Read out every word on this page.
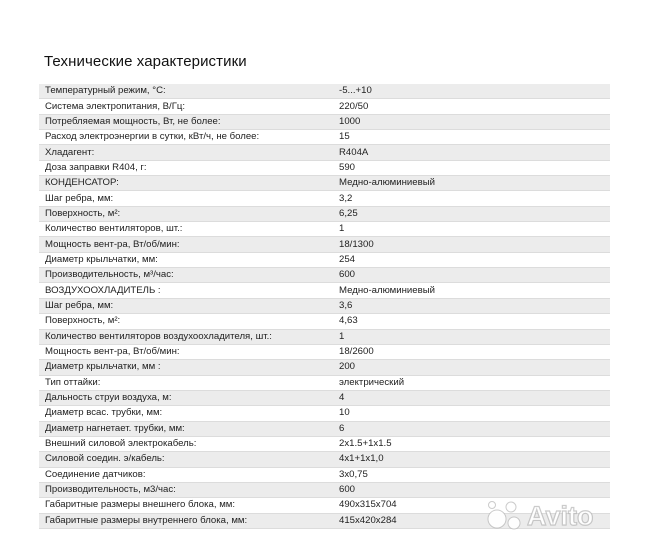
Технические характеристики
Температурный режим, °С:	-5...+10
Система электропитания, В/Гц:	220/50
Потребляемая мощность, Вт, не более:	1000
Расход электроэнергии в сутки, кВт/ч, не более:	15
Хладагент:	R404A
Доза заправки R404, г:	590
КОНДЕНСАТОР:	Медно-алюминиевый
Шаг ребра, мм:	3,2
Поверхность, м²:	6,25
Количество вентиляторов, шт.:	1
Мощность вент-ра, Вт/об/мин:	18/1300
Диаметр крыльчатки, мм:	254
Производительность, м³/час:	600
ВОЗДУХООХЛАДИТЕЛЬ :	Медно-алюминиевый
Шаг ребра, мм:	3,6
Поверхность, м²:	4,63
Количество вентиляторов воздухоохладителя, шт.:	1
Мощность вент-ра, Вт/об/мин:	18/2600
Диаметр крыльчатки, мм :	200
Тип оттайки:	электрический
Дальность струи воздуха, м:	4
Диаметр всас. трубки, мм:	10
Диаметр нагнетает. трубки, мм:	6
Внешний силовой электрокабель:	2х1.5+1х1.5
Силовой соедин. э/кабель:	4х1+1х1,0
Соединение датчиков:	3х0,75
Производительность, м3/час:	600
Габаритные размеры внешнего блока, мм:	490х315х704
Габаритные размеры внутреннего блока, мм:	415х420х284	Avito
